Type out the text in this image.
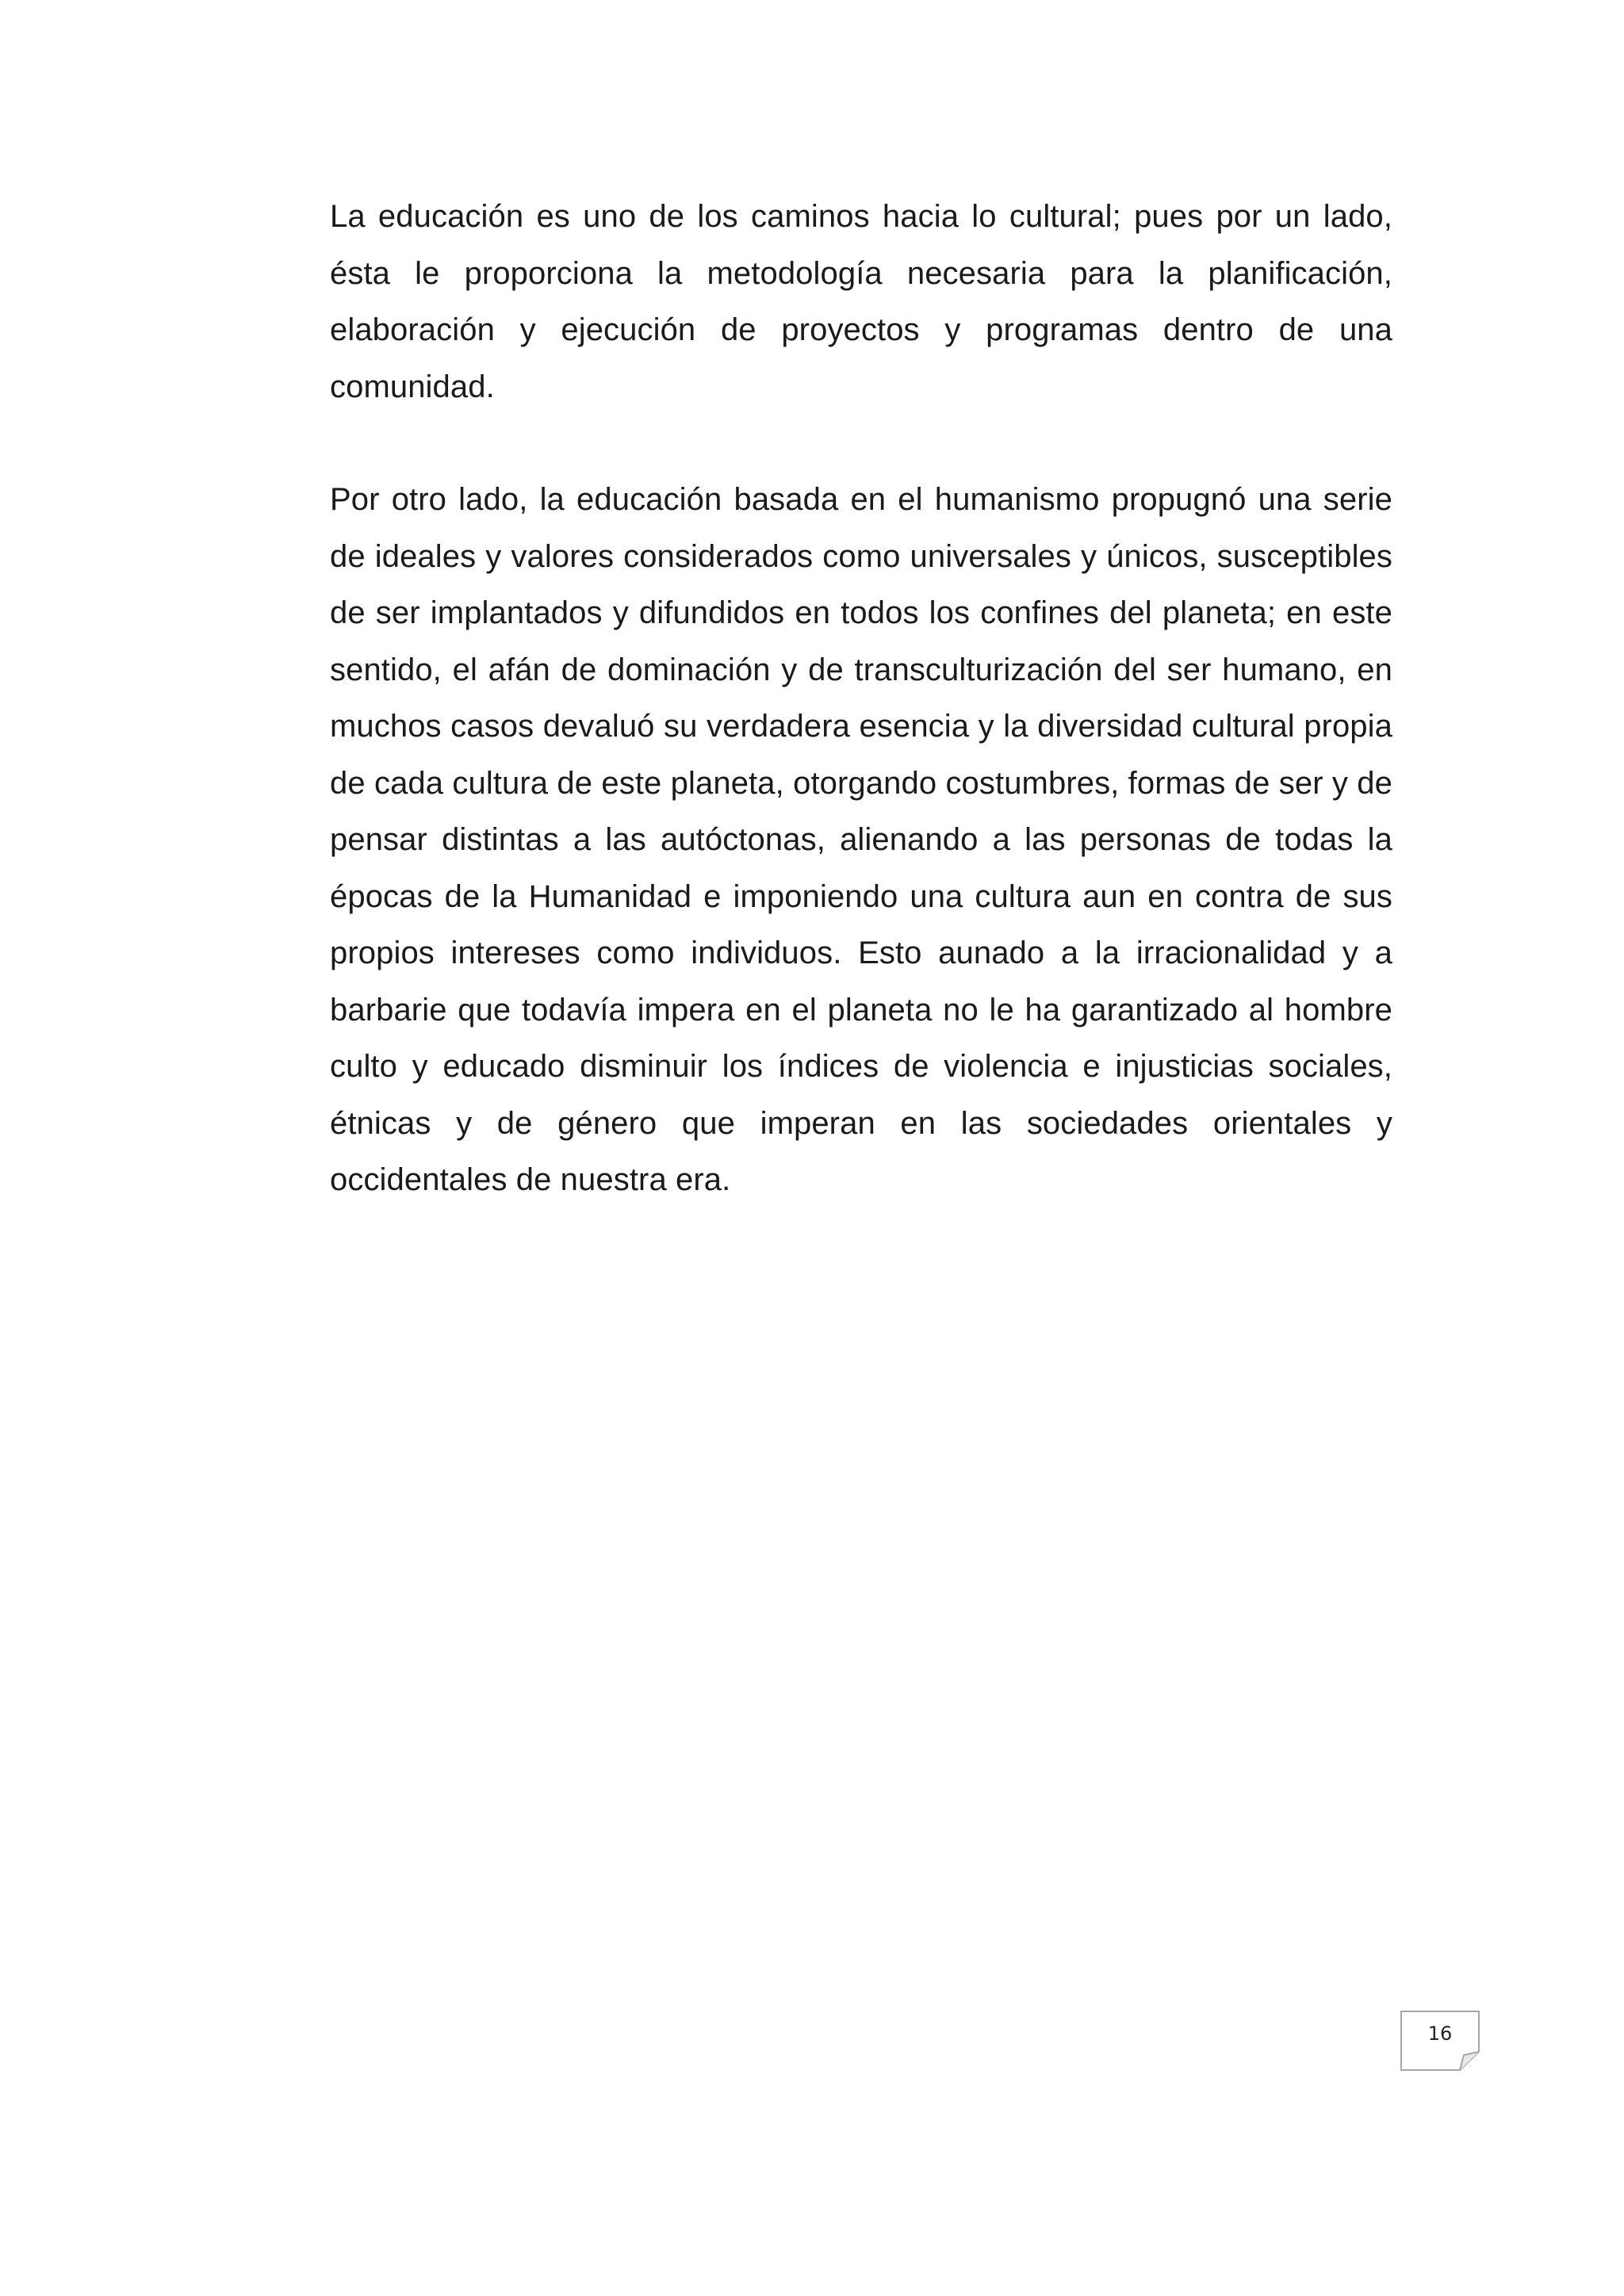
La educación es uno de los caminos hacia lo cultural; pues por un lado, ésta le proporciona la metodología necesaria para la planificación, elaboración y ejecución de proyectos y programas dentro de una comunidad.

Por otro lado, la educación basada en el humanismo propugnó una serie de ideales y valores considerados como universales y únicos, susceptibles de ser implantados y difundidos en todos los confines del planeta; en este sentido, el afán de dominación y de transculturización del ser humano, en muchos casos devaluó su verdadera esencia y la diversidad cultural propia de cada cultura de este planeta, otorgando costumbres, formas de ser y de pensar distintas a las autóctonas, alienando a las personas de todas la épocas de la Humanidad e imponiendo una cultura aun en contra de sus propios intereses como individuos. Esto aunado a la irracionalidad y a barbarie que todavía impera en el planeta no le ha garantizado al hombre culto y educado disminuir los índices de violencia e injusticias sociales, étnicas y de género que imperan en las sociedades orientales y occidentales de nuestra era.

16
